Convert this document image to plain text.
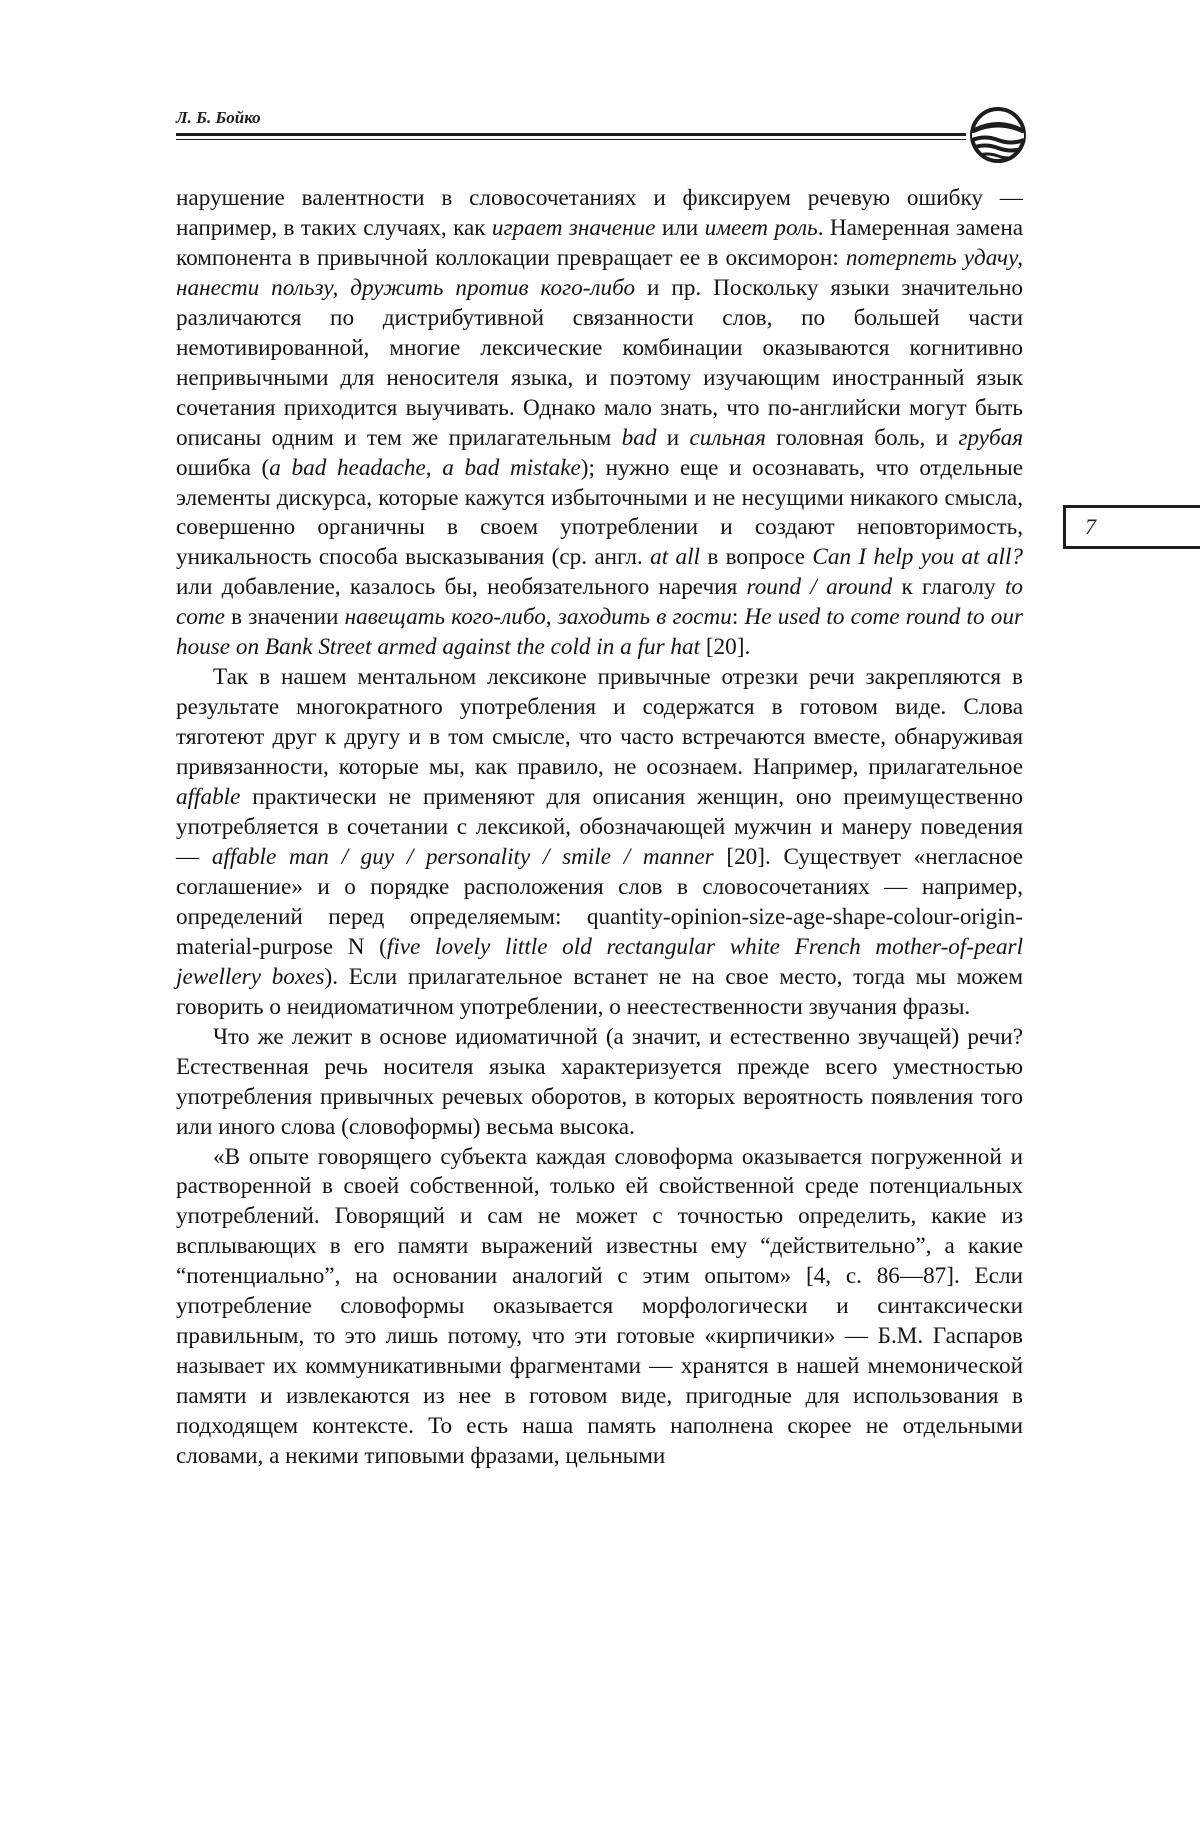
Л. Б. Бойко
7

нарушение валентности в словосочетаниях и фиксируем речевую ошибку — например, в таких случаях, как играет значение или имеет роль. Намеренная замена компонента в привычной коллокации превращает ее в оксиморон: потерпеть удачу, нанести пользу, дружить против кого-либо и пр. Поскольку языки значительно различаются по дистрибутивной связанности слов, по большей части немотивированной, многие лексические комбинации оказываются когнитивно непривычными для неносителя языка, и поэтому изучающим иностранный язык сочетания приходится выучивать. Однако мало знать, что по-английски могут быть описаны одним и тем же прилагательным bad и сильная головная боль, и грубая ошибка (a bad headache, a bad mistake); нужно еще и осознавать, что отдельные элементы дискурса, которые кажутся избыточными и не несущими никакого смысла, совершенно органичны в своем употреблении и создают неповторимость, уникальность способа высказывания (ср. англ. at all в вопросе Can I help you at all? или добавление, казалось бы, необязательного наречия round / around к глаголу to come в значении навещать кого-либо, заходить в гости: He used to come round to our house on Bank Street armed against the cold in a fur hat [20].

Так в нашем ментальном лексиконе привычные отрезки речи закрепляются в результате многократного употребления и содержатся в готовом виде. Слова тяготеют друг к другу и в том смысле, что часто встречаются вместе, обнаруживая привязанности, которые мы, как правило, не осознаем. Например, прилагательное affable практически не применяют для описания женщин, оно преимущественно употребляется в сочетании с лексикой, обозначающей мужчин и манеру поведения — affable man / guy / personality / smile / manner [20]. Существует «негласное соглашение» и о порядке расположения слов в словосочетаниях — например, определений перед определяемым: quantity-opinion-size-age-shape-colour-origin-material-purpose N (five lovely little old rectangular white French mother-of-pearl jewellery boxes). Если прилагательное встанет не на свое место, тогда мы можем говорить о неидиоматичном употреблении, о неестественности звучания фразы.

Что же лежит в основе идиоматичной (а значит, и естественно звучащей) речи? Естественная речь носителя языка характеризуется прежде всего уместностью употребления привычных речевых оборотов, в которых вероятность появления того или иного слова (словоформы) весьма высока.

«В опыте говорящего субъекта каждая словоформа оказывается погруженной и растворенной в своей собственной, только ей свойственной среде потенциальных употреблений. Говорящий и сам не может с точностью определить, какие из всплывающих в его памяти выражений известны ему “действительно”, а какие “потенциально”, на основании аналогий с этим опытом» [4, с. 86—87]. Если употребление словоформы оказывается морфологически и синтаксически правильным, то это лишь потому, что эти готовые «кирпичики» — Б.М. Гаспаров называет их коммуникативными фрагментами — хранятся в нашей мнемонической памяти и извлекаются из нее в готовом виде, пригодные для использования в подходящем контексте. То есть наша память наполнена скорее не отдельными словами, а некими типовыми фразами, цельными
